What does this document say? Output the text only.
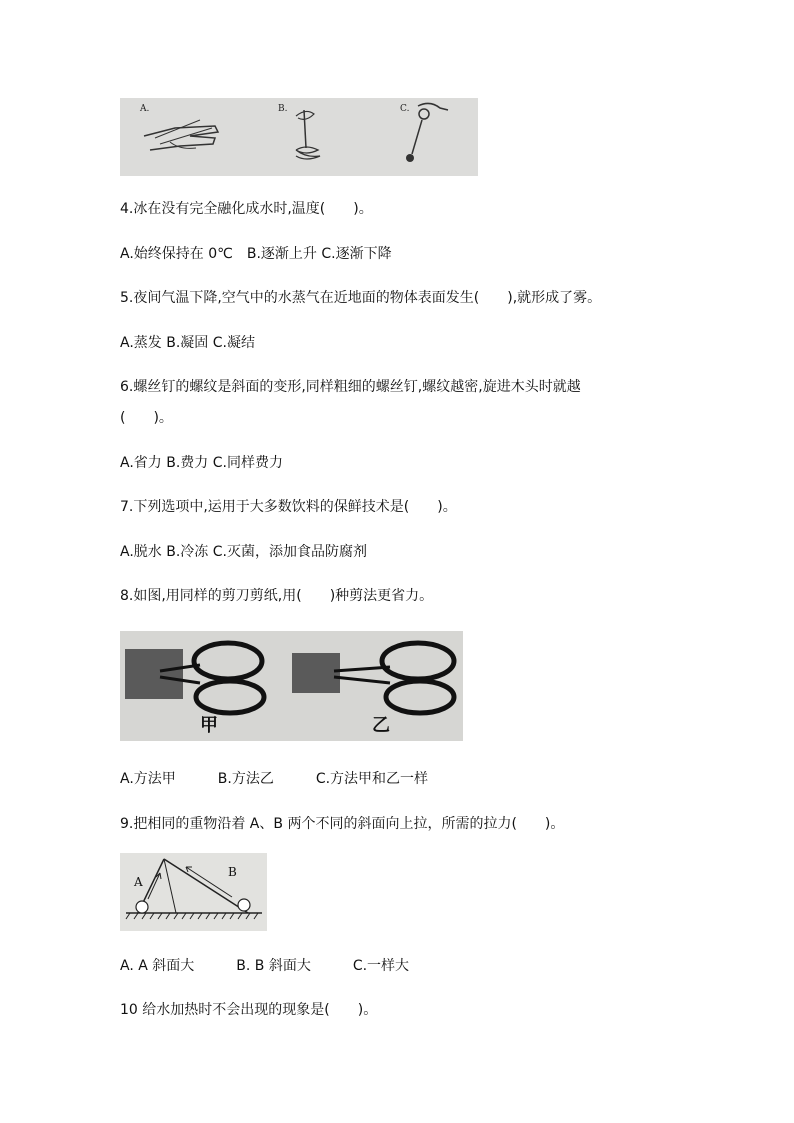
A.	B.	C.

4.冰在没有完全融化成水时,温度(　　)。

A.始终保持在 0℃　B.逐渐上升 C.逐渐下降

5.夜间气温下降,空气中的水蒸气在近地面的物体表面发生(　　),就形成了雾。

A.蒸发 B.凝固 C.凝结

6.螺丝钉的螺纹是斜面的变形,同样粗细的螺丝钉,螺纹越密,旋进木头时就越

(　　)。

A.省力 B.费力 C.同样费力

7.下列选项中,运用于大多数饮料的保鲜技术是(　　)。

A.脱水 B.冷冻 C.灭菌，添加食品防腐剂

8.如图,用同样的剪刀剪纸,用(　　)种剪法更省力。

甲	乙

A.方法甲　　　B.方法乙　　　C.方法甲和乙一样

9.把相同的重物沿着 A、B 两个不同的斜面向上拉，所需的拉力(　　)。

A
B

A. A 斜面大　　　B. B 斜面大　　　C.一样大

10 给水加热时不会出现的现象是(　　)。
